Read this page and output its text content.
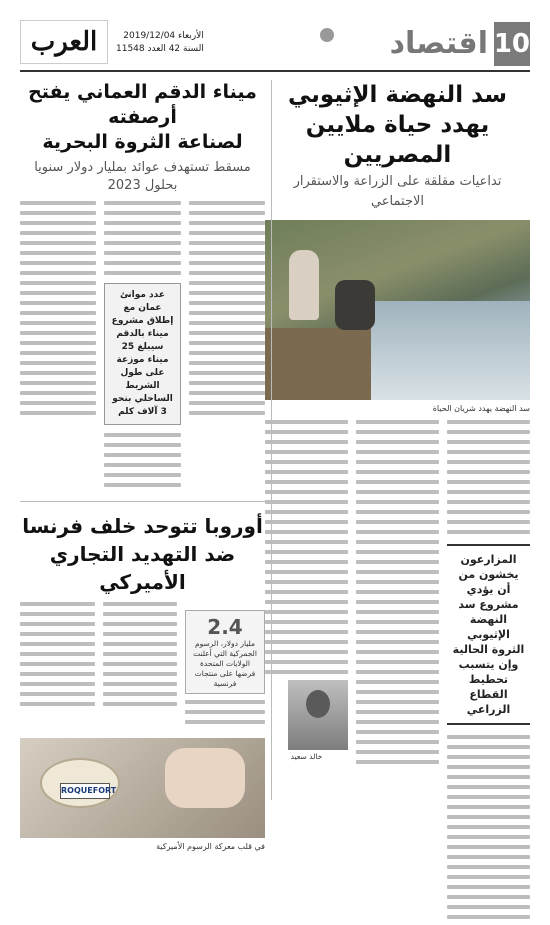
10
اقتصاد
الأربعاء 2019/12/04
السنة 42 العدد 11548
العرب
سد النهضة الإثيوبي
يهدد حياة ملايين المصريين
تداعيات مقلقة على الزراعة والاستقرار الاجتماعي
سد النهضة يهدد شريان الحياة
المزارعون يخشون من أن يؤدي مشروع سد النهضة الإثيوبي الثروة الحالية وإن يتسبب تحطيط القطاع الزراعي
خالد سعيد
ميناء الدقم العماني يفتح أرصفته
لصناعة الثروة البحرية
مسقط تستهدف عوائد بمليار دولار سنويا
بحلول 2023
عدد موانئ عمان مع إطلاق مشروع ميناء بالدقم سيبلغ 25 ميناء موزعة على طول الشريط الساحلي بنحو 3 آلاف كلم
أوروبا تتوحد خلف فرنسا
ضد التهديد التجاري الأميركي
2.4
مليار دولار، الرسوم الجمركية التي أعلنت الولايات المتحدة فرضها على منتجات فرنسية
ROQUEFORT
في قلب معركة الرسوم الأميركية
